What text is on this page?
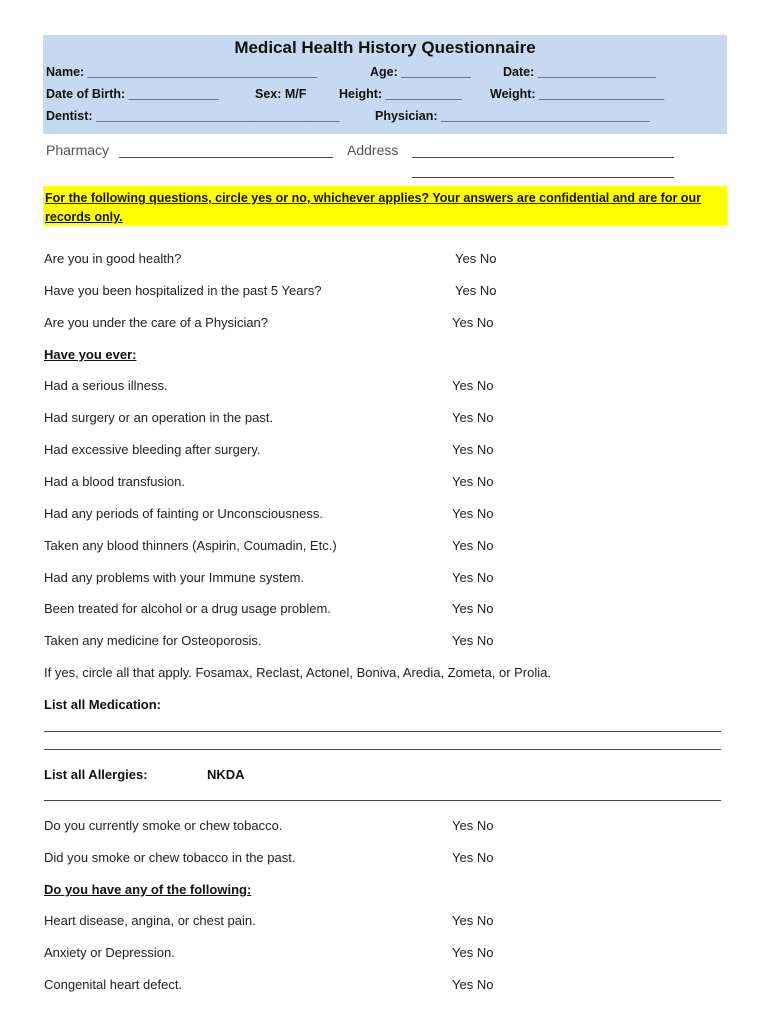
Medical Health History Questionnaire
Name: _________________________________	Age: __________	Date: _________________
Date of Birth: _____________	Sex: M/F	Height: ___________ Weight: __________________
Dentist: ___________________________________	Physician: ______________________________
Pharmacy	Address
For the following questions, circle yes or no, whichever applies? Your answers are confidential and are for our records only.
Are you in good health?	Yes No
Have you been hospitalized in the past 5 Years?	Yes No
Are you under the care of a Physician?	Yes No
Have you ever:
Had a serious illness.	Yes No
Had surgery or an operation in the past.	Yes No
Had excessive bleeding after surgery.	Yes No
Had a blood transfusion.	Yes No
Had any periods of fainting or Unconsciousness.	Yes No
Taken any blood thinners (Aspirin, Coumadin, Etc.)	Yes No
Had any problems with your Immune system.	Yes No
Been treated for alcohol or a drug usage problem.	Yes No
Taken any medicine for Osteoporosis.	Yes No
If yes, circle all that apply. Fosamax, Reclast, Actonel, Boniva, Aredia, Zometa, or Prolia.
List all Medication:
List all Allergies:	NKDA
Do you currently smoke or chew tobacco.	Yes No
Did you smoke or chew tobacco in the past.	Yes No
Do you have any of the following:
Heart disease, angina, or chest pain.	Yes No
Anxiety or Depression.	Yes No
Congenital heart defect.	Yes No
